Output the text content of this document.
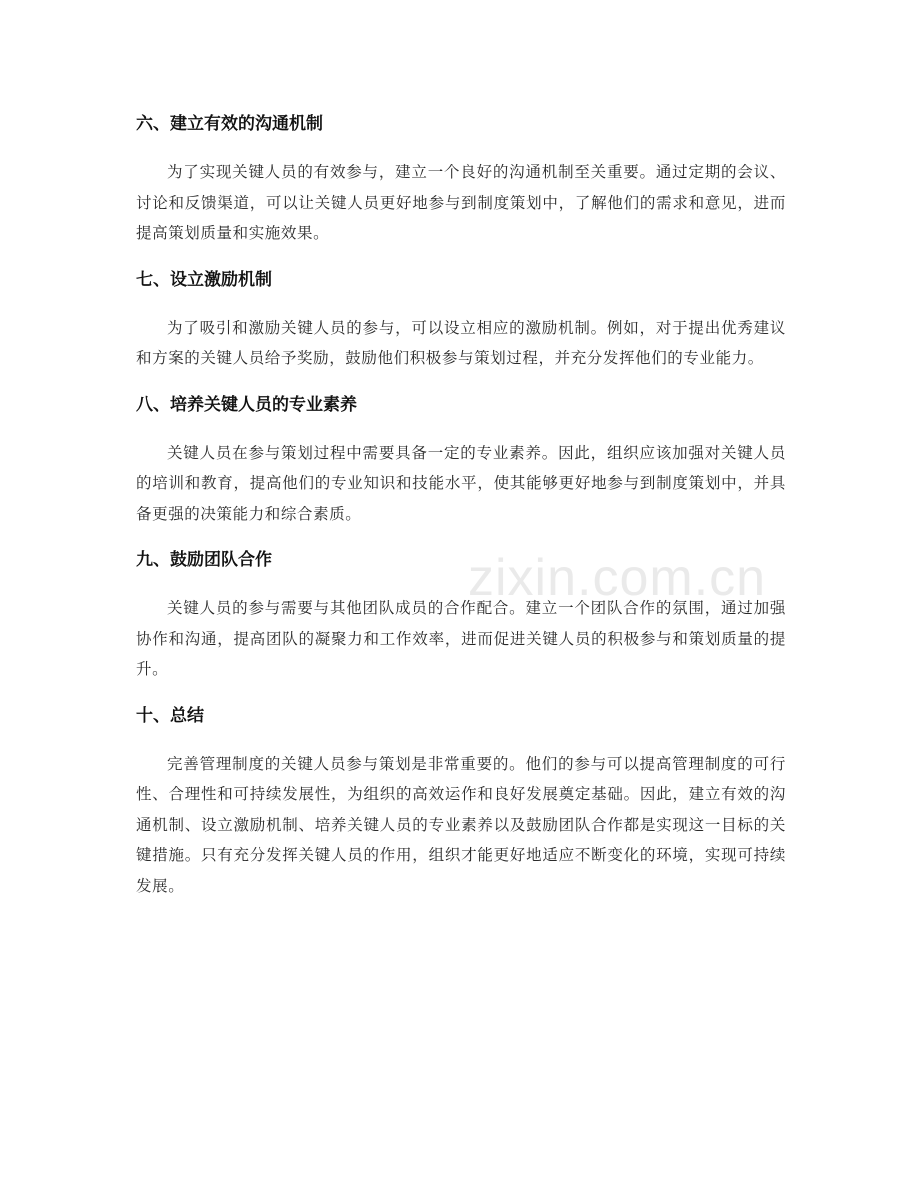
六、建立有效的沟通机制

为了实现关键人员的有效参与，建立一个良好的沟通机制至关重要。通过定期的会议、讨论和反馈渠道，可以让关键人员更好地参与到制度策划中，了解他们的需求和意见，进而提高策划质量和实施效果。

七、设立激励机制

为了吸引和激励关键人员的参与，可以设立相应的激励机制。例如，对于提出优秀建议和方案的关键人员给予奖励，鼓励他们积极参与策划过程，并充分发挥他们的专业能力。

八、培养关键人员的专业素养

关键人员在参与策划过程中需要具备一定的专业素养。因此，组织应该加强对关键人员的培训和教育，提高他们的专业知识和技能水平，使其能够更好地参与到制度策划中，并具备更强的决策能力和综合素质。

九、鼓励团队合作

关键人员的参与需要与其他团队成员的合作配合。建立一个团队合作的氛围，通过加强协作和沟通，提高团队的凝聚力和工作效率，进而促进关键人员的积极参与和策划质量的提升。

十、总结

完善管理制度的关键人员参与策划是非常重要的。他们的参与可以提高管理制度的可行性、合理性和可持续发展性，为组织的高效运作和良好发展奠定基础。因此，建立有效的沟通机制、设立激励机制、培养关键人员的专业素养以及鼓励团队合作都是实现这一目标的关键措施。只有充分发挥关键人员的作用，组织才能更好地适应不断变化的环境，实现可持续发展。

zixin.com.cn
